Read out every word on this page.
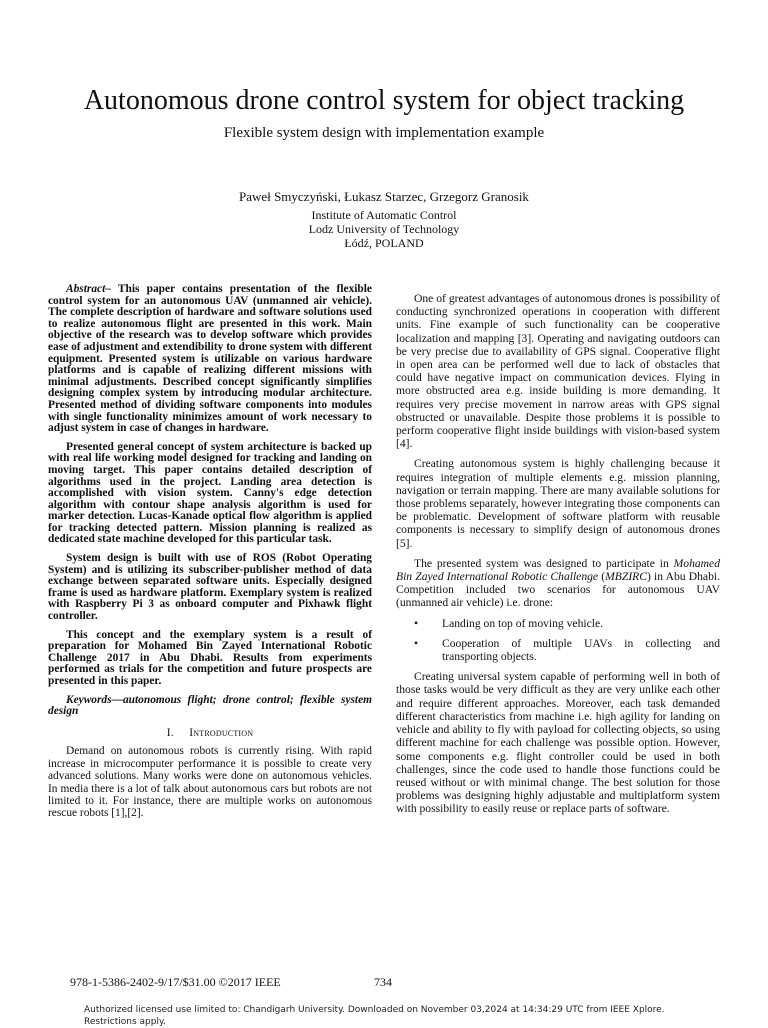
Autonomous drone control system for object tracking
Flexible system design with implementation example
Paweł Smyczyński, Łukasz Starzec, Grzegorz Granosik
Institute of Automatic Control
Lodz University of Technology
Łódź, POLAND

Abstract– This paper contains presentation of the flexible control system for an autonomous UAV (unmanned air vehicle). The complete description of hardware and software solutions used to realize autonomous flight are presented in this work. Main objective of the research was to develop software which provides ease of adjustment and extendibility to drone system with different equipment. Presented system is utilizable on various hardware platforms and is capable of realizing different missions with minimal adjustments. Described concept significantly simplifies designing complex system by introducing modular architecture. Presented method of dividing software components into modules with single functionality minimizes amount of work necessary to adjust system in case of changes in hardware.

Presented general concept of system architecture is backed up with real life working model designed for tracking and landing on moving target. This paper contains detailed description of algorithms used in the project. Landing area detection is accomplished with vision system. Canny's edge detection algorithm with contour shape analysis algorithm is used for marker detection. Lucas-Kanade optical flow algorithm is applied for tracking detected pattern. Mission planning is realized as dedicated state machine developed for this particular task.

System design is built with use of ROS (Robot Operating System) and is utilizing its subscriber-publisher method of data exchange between separated software units. Especially designed frame is used as hardware platform. Exemplary system is realized with Raspberry Pi 3 as onboard computer and Pixhawk flight controller.

This concept and the exemplary system is a result of preparation for Mohamed Bin Zayed International Robotic Challenge 2017 in Abu Dhabi. Results from experiments performed as trials for the competition and future prospects are presented in this paper.

Keywords—autonomous flight; drone control; flexible system design

I. Introduction

Demand on autonomous robots is currently rising. With rapid increase in microcomputer performance it is possible to create very advanced solutions. Many works were done on autonomous vehicles. In media there is a lot of talk about autonomous cars but robots are not limited to it. For instance, there are multiple works on autonomous rescue robots [1],[2].

One of greatest advantages of autonomous drones is possibility of conducting synchronized operations in cooperation with different units. Fine example of such functionality can be cooperative localization and mapping [3]. Operating and navigating outdoors can be very precise due to availability of GPS signal. Cooperative flight in open area can be performed well due to lack of obstacles that could have negative impact on communication devices. Flying in more obstructed area e.g. inside building is more demanding. It requires very precise movement in narrow areas with GPS signal obstructed or unavailable. Despite those problems it is possible to perform cooperative flight inside buildings with vision-based system [4].

Creating autonomous system is highly challenging because it requires integration of multiple elements e.g. mission planning, navigation or terrain mapping. There are many available solutions for those problems separately, however integrating those components can be problematic. Development of software platform with reusable components is necessary to simplify design of autonomous drones [5].

The presented system was designed to participate in Mohamed Bin Zayed International Robotic Challenge (MBZIRC) in Abu Dhabi. Competition included two scenarios for autonomous UAV (unmanned air vehicle) i.e. drone:

• Landing on top of moving vehicle.
• Cooperation of multiple UAVs in collecting and transporting objects.

Creating universal system capable of performing well in both of those tasks would be very difficult as they are very unlike each other and require different approaches. Moreover, each task demanded different characteristics from machine i.e. high agility for landing on vehicle and ability to fly with payload for collecting objects, so using different machine for each challenge was possible option. However, some components e.g. flight controller could be used in both challenges, since the code used to handle those functions could be reused without or with minimal change. The best solution for those problems was designing highly adjustable and multiplatform system with possibility to easily reuse or replace parts of software.

978-1-5386-2402-9/17/$31.00 ©2017 IEEE	734
Authorized licensed use limited to: Chandigarh University. Downloaded on November 03,2024 at 14:34:29 UTC from IEEE Xplore. Restrictions apply.
